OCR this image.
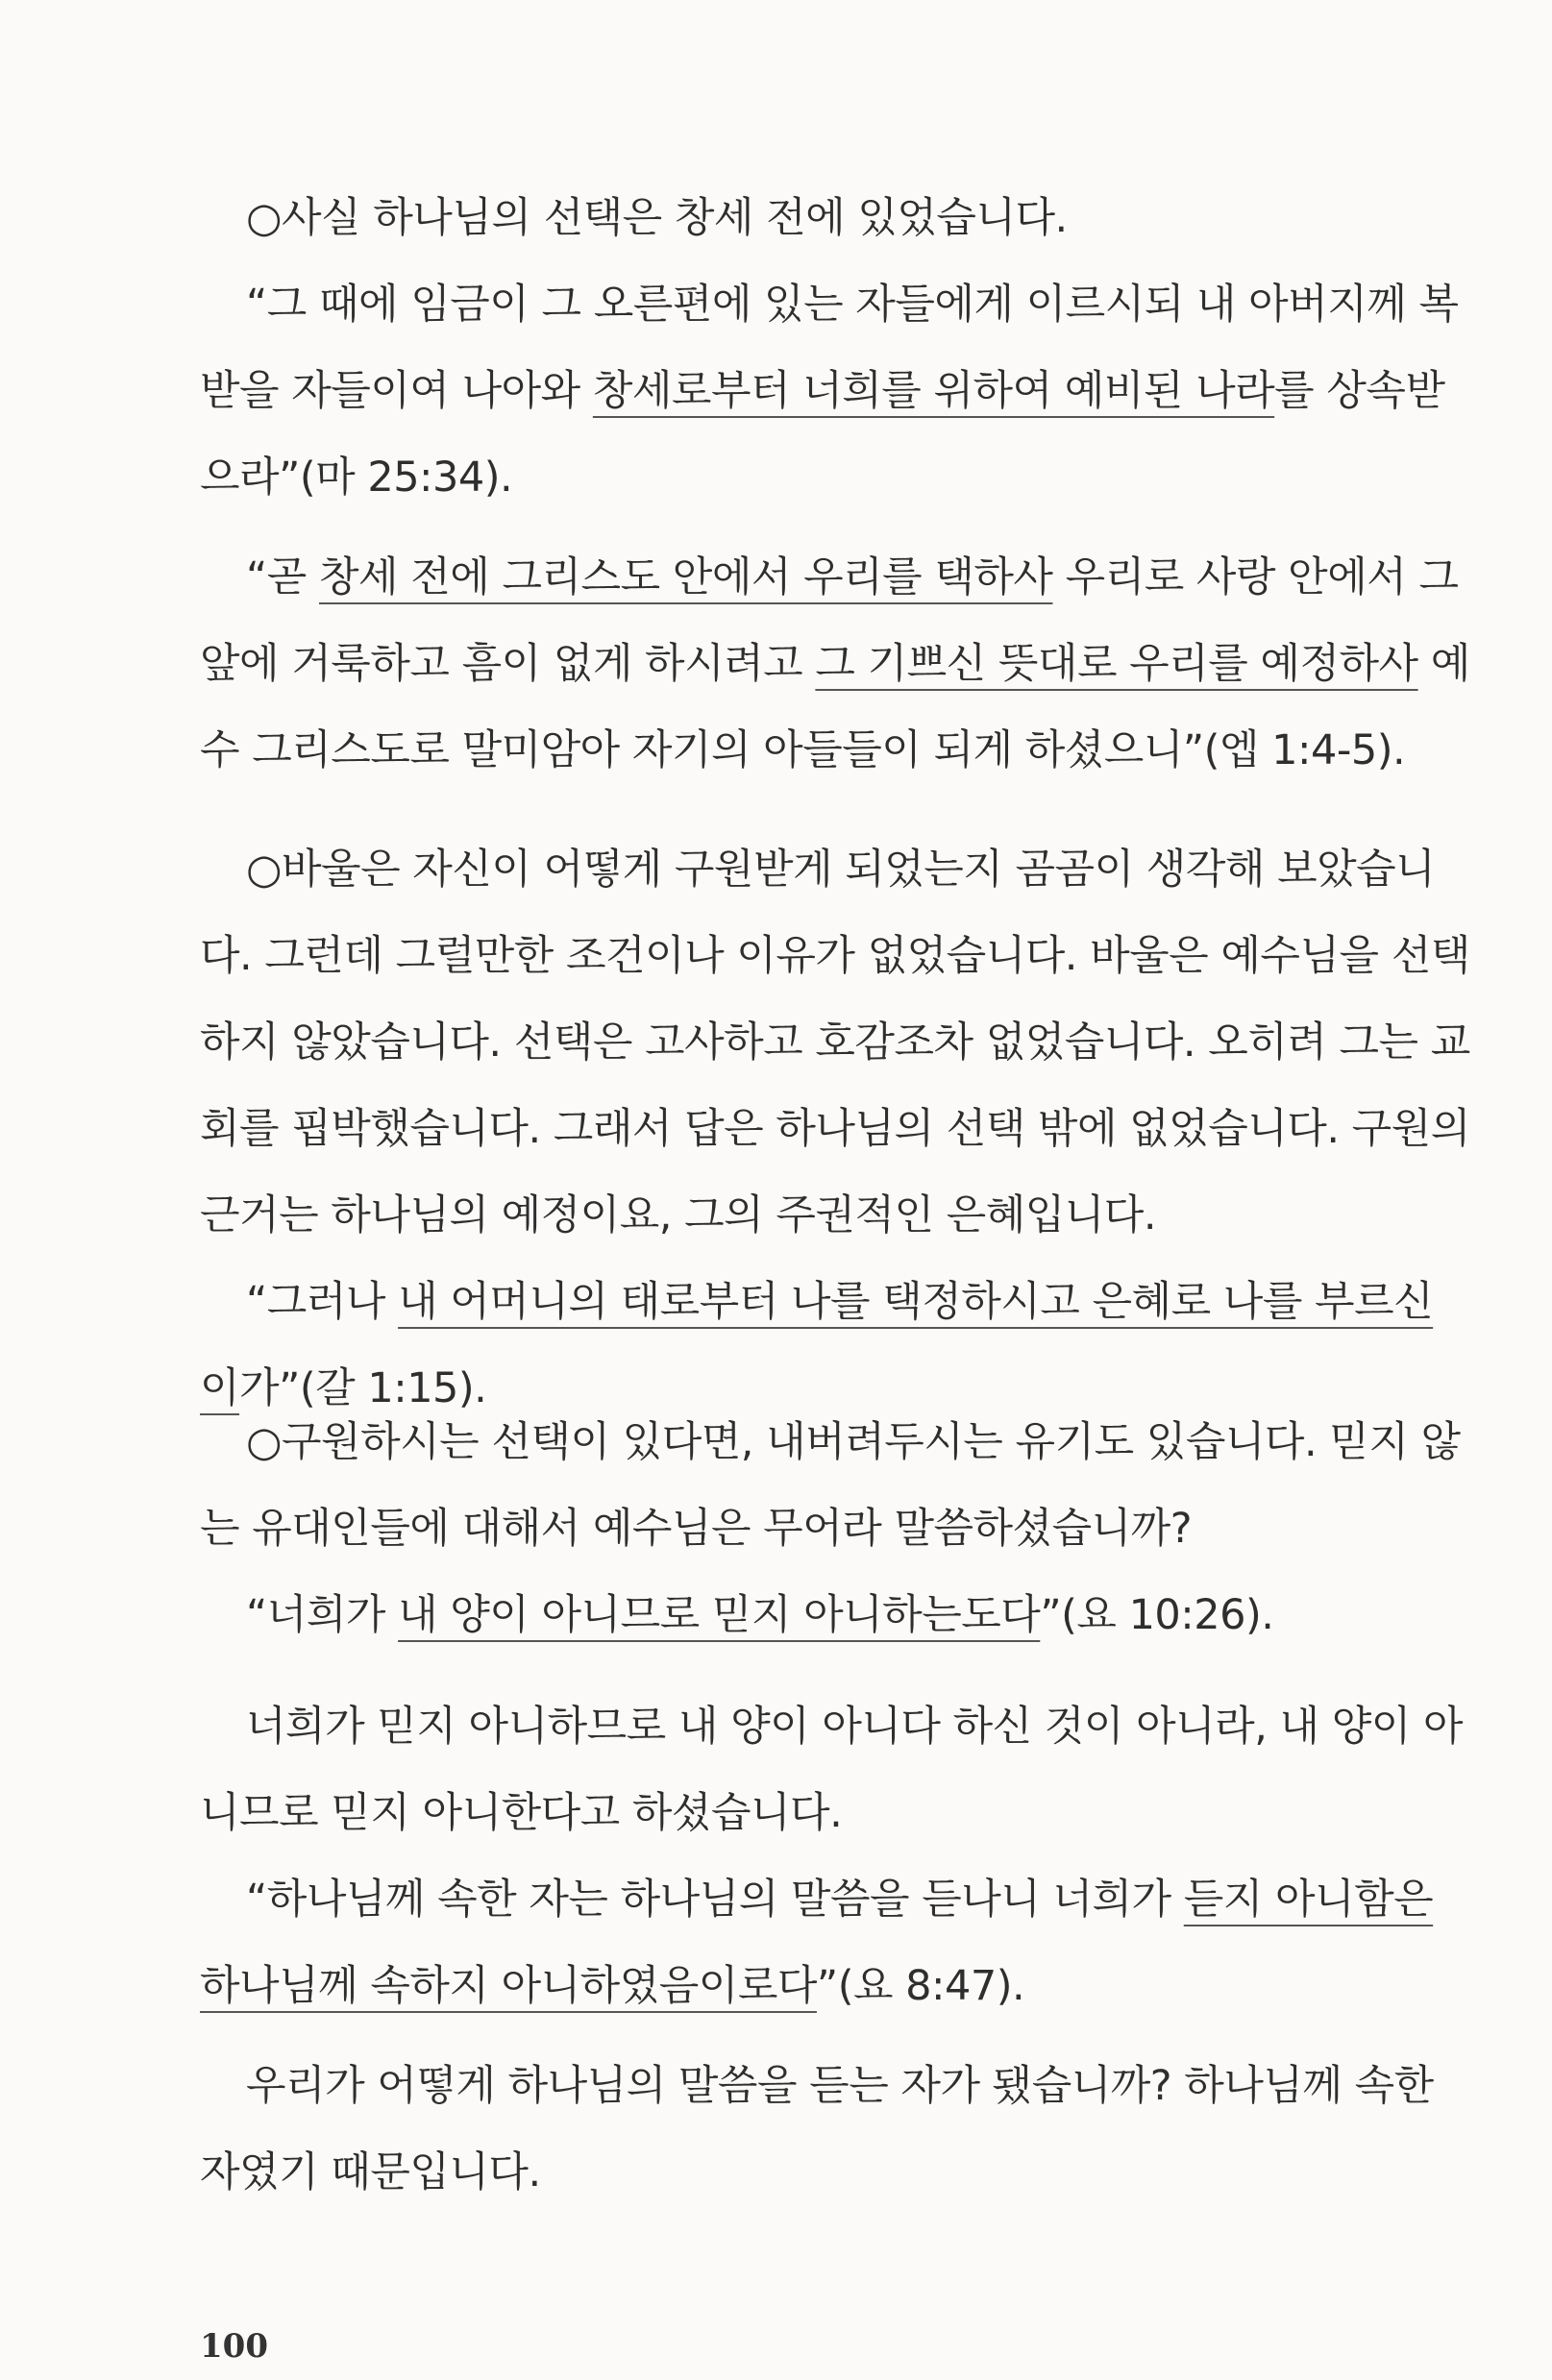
○사실 하나님의 선택은 창세 전에 있었습니다.
“그 때에 임금이 그 오른편에 있는 자들에게 이르시되 내 아버지께 복
받을 자들이여 나아와 창세로부터 너희를 위하여 예비된 나라를 상속받
으라”(마 25:34).
“곧 창세 전에 그리스도 안에서 우리를 택하사 우리로 사랑 안에서 그
앞에 거룩하고 흠이 없게 하시려고 그 기쁘신 뜻대로 우리를 예정하사 예
수 그리스도로 말미암아 자기의 아들들이 되게 하셨으니”(엡 1:4-5).
○바울은 자신이 어떻게 구원받게 되었는지 곰곰이 생각해 보았습니
다. 그런데 그럴만한 조건이나 이유가 없었습니다. 바울은 예수님을 선택
하지 않았습니다. 선택은 고사하고 호감조차 없었습니다. 오히려 그는 교
회를 핍박했습니다. 그래서 답은 하나님의 선택 밖에 없었습니다. 구원의
근거는 하나님의 예정이요, 그의 주권적인 은혜입니다.
“그러나 내 어머니의 태로부터 나를 택정하시고 은혜로 나를 부르신
이가”(갈 1:15).
○구원하시는 선택이 있다면, 내버려두시는 유기도 있습니다. 믿지 않
는 유대인들에 대해서 예수님은 무어라 말씀하셨습니까?
“너희가 내 양이 아니므로 믿지 아니하는도다”(요 10:26).
너희가 믿지 아니하므로 내 양이 아니다 하신 것이 아니라, 내 양이 아
니므로 믿지 아니한다고 하셨습니다.
“하나님께 속한 자는 하나님의 말씀을 듣나니 너희가 듣지 아니함은
하나님께 속하지 아니하였음이로다”(요 8:47).
우리가 어떻게 하나님의 말씀을 듣는 자가 됐습니까? 하나님께 속한
자였기 때문입니다.
100
